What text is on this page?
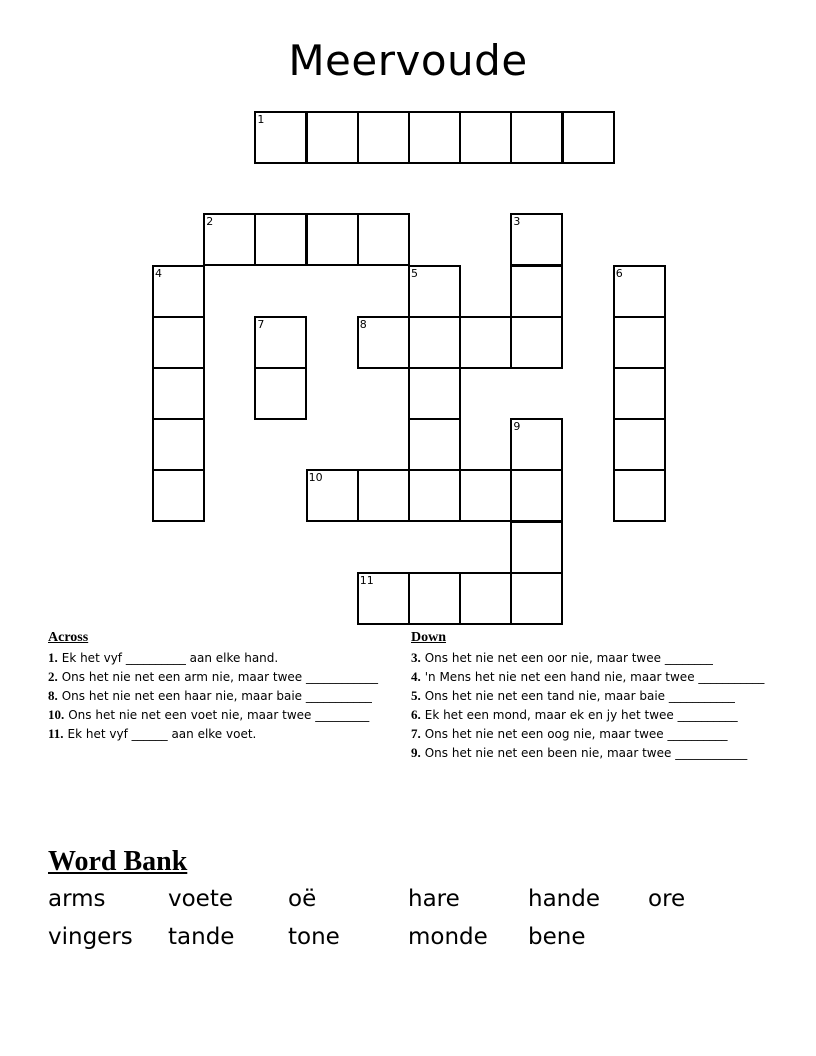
Meervoude
1
2	3
4	5	6
7	8
9
10
11
Across
1. Ek het vyf __________ aan elke hand.
2. Ons het nie net een arm nie, maar twee ____________
8. Ons het nie net een haar nie, maar baie ___________
10. Ons het nie net een voet nie, maar twee _________
11. Ek het vyf ______ aan elke voet.
Down
3. Ons het nie net een oor nie, maar twee ________
4. 'n Mens het nie net een hand nie, maar twee ___________
5. Ons het nie net een tand nie, maar baie ___________
6. Ek het een mond, maar ek en jy het twee __________
7. Ons het nie net een oog nie, maar twee __________
9. Ons het nie net een been nie, maar twee ____________
Word Bank
arms	voete oë	hare	hande ore
vingers tande tone	monde bene
